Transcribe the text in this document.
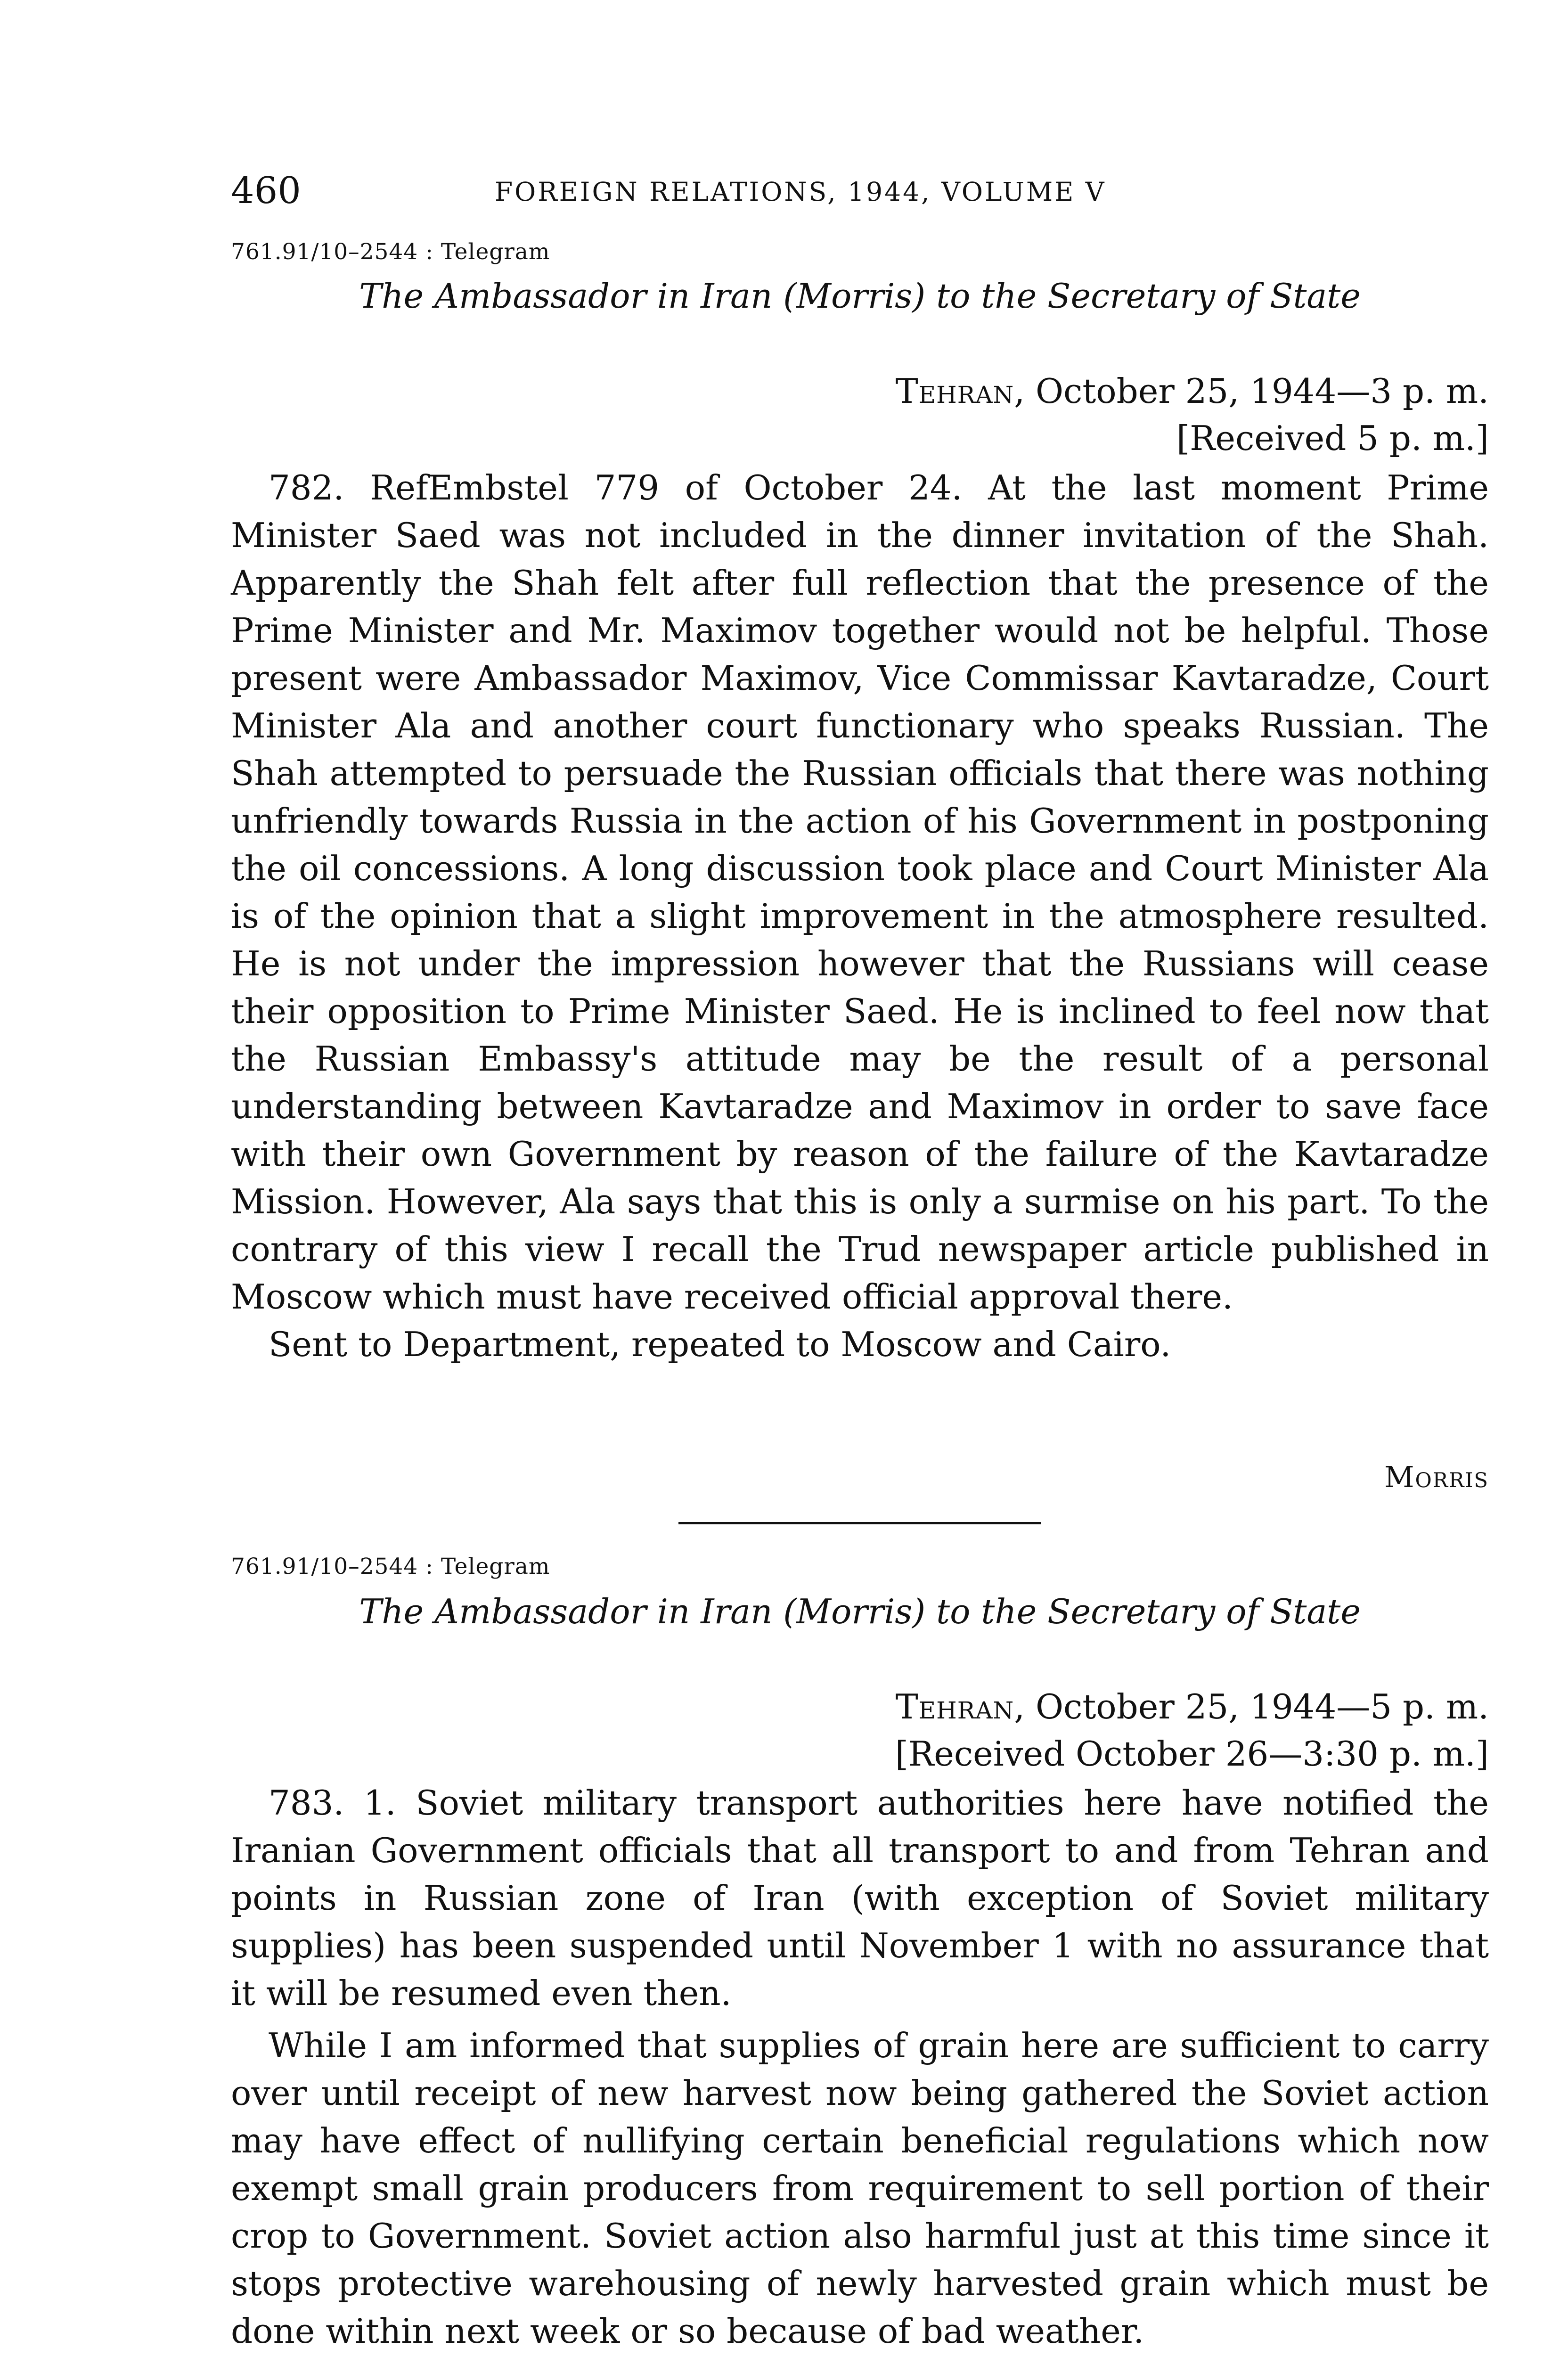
460	FOREIGN RELATIONS, 1944, VOLUME V
761.91/10–2544 : Telegram
The Ambassador in Iran (Morris) to the Secretary of State
Tehran, October 25, 1944—3 p. m.
[Received 5 p. m.]

782. RefEmbstel 779 of October 24. At the last moment Prime Minister Saed was not included in the dinner invitation of the Shah. Apparently the Shah felt after full reflection that the presence of the Prime Minister and Mr. Maximov together would not be helpful. Those present were Ambassador Maximov, Vice Commissar Kavtaradze, Court Minister Ala and another court functionary who speaks Russian. The Shah attempted to persuade the Russian officials that there was nothing unfriendly towards Russia in the action of his Government in postponing the oil concessions. A long discussion took place and Court Minister Ala is of the opinion that a slight improvement in the atmosphere resulted. He is not under the impression however that the Russians will cease their opposition to Prime Minister Saed. He is inclined to feel now that the Russian Embassy's attitude may be the result of a personal understanding between Kavtaradze and Maximov in order to save face with their own Government by reason of the failure of the Kavtaradze Mission. However, Ala says that this is only a surmise on his part. To the contrary of this view I recall the Trud newspaper article published in Moscow which must have received official approval there.

Sent to Department, repeated to Moscow and Cairo.

Morris
761.91/10–2544 : Telegram
The Ambassador in Iran (Morris) to the Secretary of State
Tehran, October 25, 1944—5 p. m.
[Received October 26—3:30 p. m.]

783. 1. Soviet military transport authorities here have notified the Iranian Government officials that all transport to and from Tehran and points in Russian zone of Iran (with exception of Soviet military supplies) has been suspended until November 1 with no assurance that it will be resumed even then.

While I am informed that supplies of grain here are sufficient to carry over until receipt of new harvest now being gathered the Soviet action may have effect of nullifying certain beneficial regulations which now exempt small grain producers from requirement to sell portion of their crop to Government. Soviet action also harmful just at this time since it stops protective warehousing of newly harvested grain which must be done within next week or so because of bad weather.
